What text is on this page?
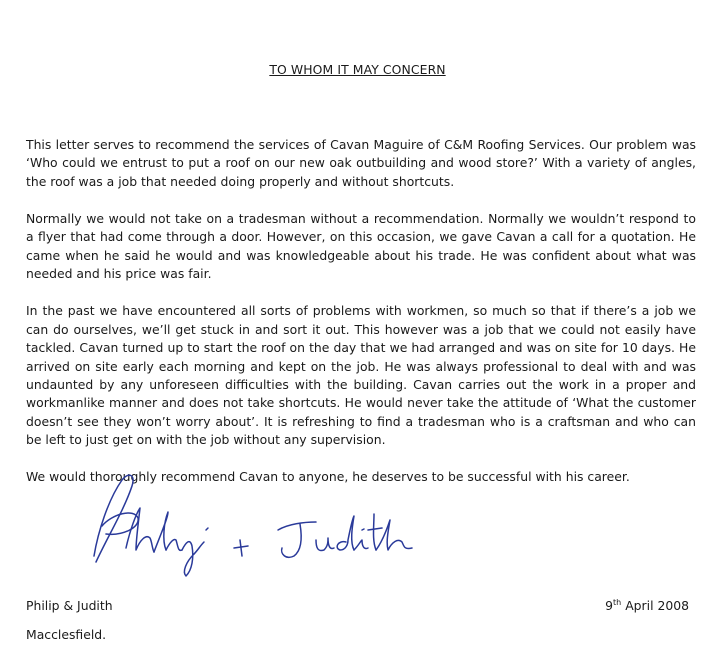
TO WHOM IT MAY CONCERN

This letter serves to recommend the services of Cavan Maguire of C&M Roofing Services. Our problem was ‘Who could we entrust to put a roof on our new oak outbuilding and wood store?’ With a variety of angles, the roof was a job that needed doing properly and without shortcuts.

Normally we would not take on a tradesman without a recommendation. Normally we wouldn’t respond to a flyer that had come through a door. However, on this occasion, we gave Cavan a call for a quotation. He came when he said he would and was knowledgeable about his trade. He was confident about what was needed and his price was fair.

In the past we have encountered all sorts of problems with workmen, so much so that if there’s a job we can do ourselves, we’ll get stuck in and sort it out. This however was a job that we could not easily have tackled. Cavan turned up to start the roof on the day that we had arranged and was on site for 10 days. He arrived on site early each morning and kept on the job. He was always professional to deal with and was undaunted by any unforeseen difficulties with the building. Cavan carries out the work in a proper and workmanlike manner and does not take shortcuts. He would never take the attitude of ‘What the customer doesn’t see they won’t worry about’. It is refreshing to find a tradesman who is a craftsman and who can be left to just get on with the job without any supervision.

We would thoroughly recommend Cavan to anyone, he deserves to be successful with his career.

Philip & Judith
Macclesfield.
9th April 2008
